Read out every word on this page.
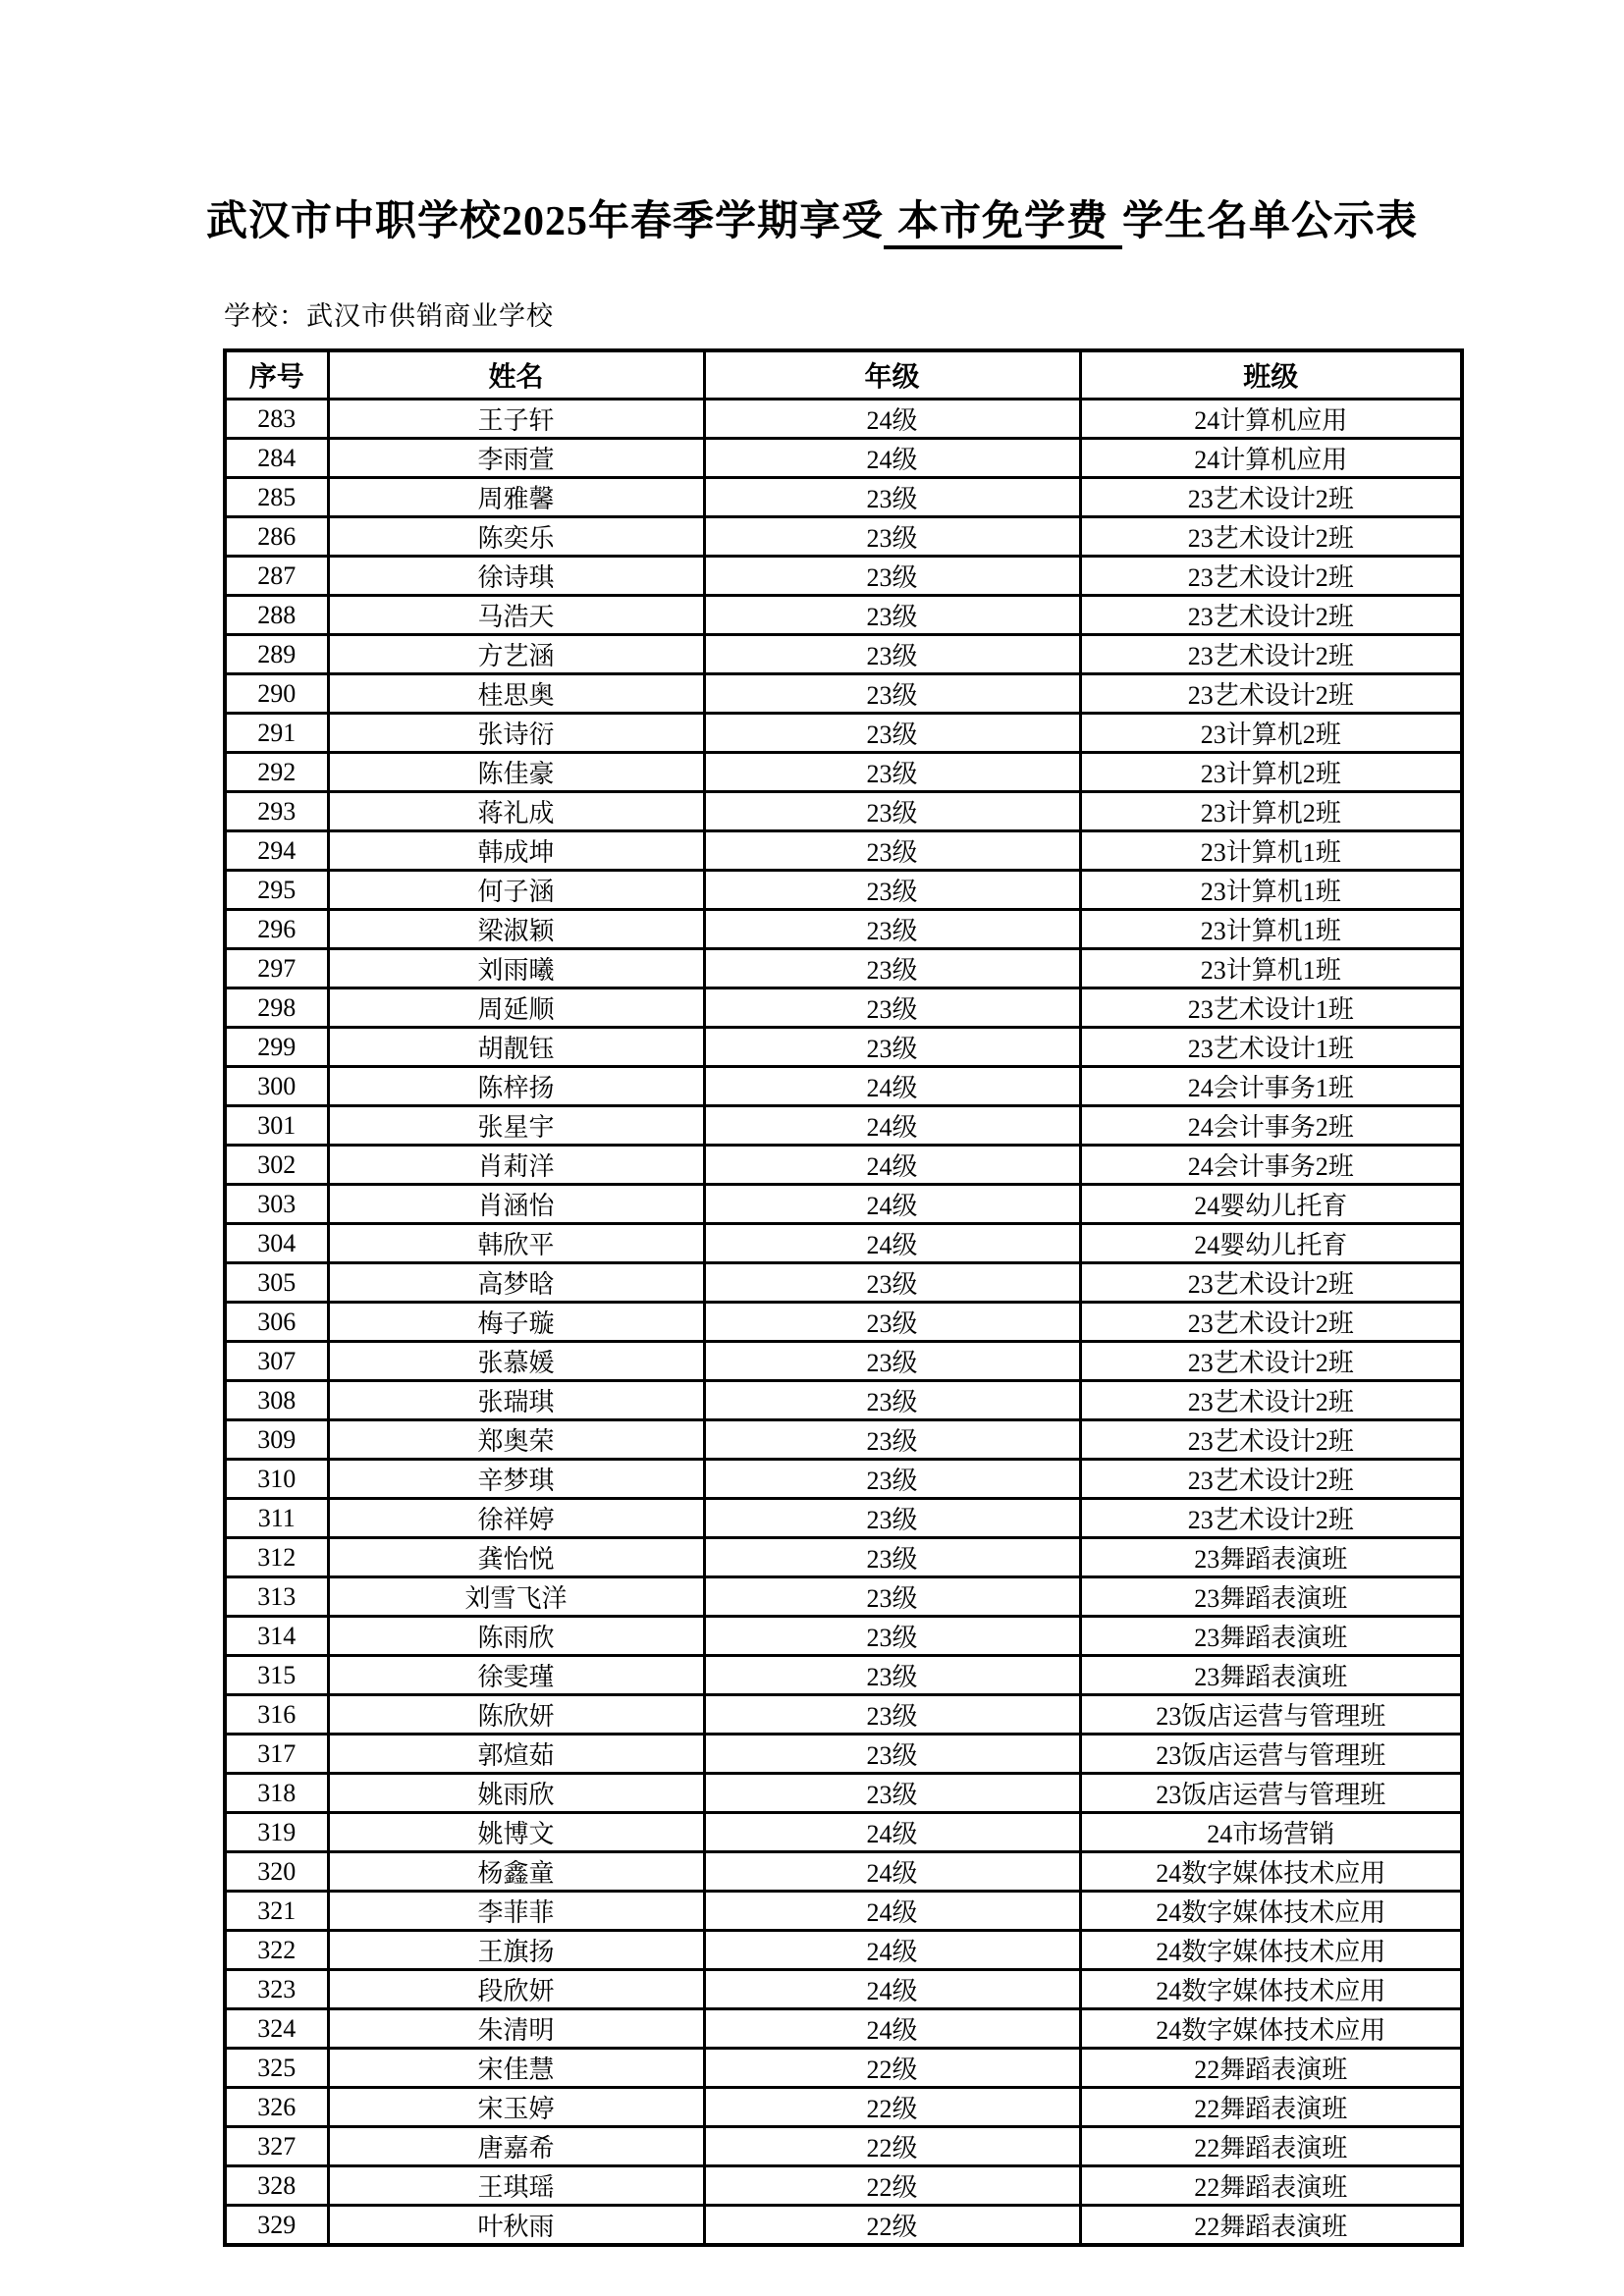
武汉市中职学校2025年春季学期享受 本市免学费 学生名单公示表
学校：武汉市供销商业学校
序号	姓名	年级	班级
283	王子轩	24级	24计算机应用
284	李雨萱	24级	24计算机应用
285	周雅馨	23级	23艺术设计2班
286	陈奕乐	23级	23艺术设计2班
287	徐诗琪	23级	23艺术设计2班
288	马浩天	23级	23艺术设计2班
289	方艺涵	23级	23艺术设计2班
290	桂思奥	23级	23艺术设计2班
291	张诗衍	23级	23计算机2班
292	陈佳豪	23级	23计算机2班
293	蒋礼成	23级	23计算机2班
294	韩成坤	23级	23计算机1班
295	何子涵	23级	23计算机1班
296	梁淑颖	23级	23计算机1班
297	刘雨曦	23级	23计算机1班
298	周延顺	23级	23艺术设计1班
299	胡靓钰	23级	23艺术设计1班
300	陈梓扬	24级	24会计事务1班
301	张星宇	24级	24会计事务2班
302	肖莉洋	24级	24会计事务2班
303	肖涵怡	24级	24婴幼儿托育
304	韩欣平	24级	24婴幼儿托育
305	高梦晗	23级	23艺术设计2班
306	梅子璇	23级	23艺术设计2班
307	张慕媛	23级	23艺术设计2班
308	张瑞琪	23级	23艺术设计2班
309	郑奥荣	23级	23艺术设计2班
310	辛梦琪	23级	23艺术设计2班
311	徐祥婷	23级	23艺术设计2班
312	龚怡悦	23级	23舞蹈表演班
313	刘雪飞洋	23级	23舞蹈表演班
314	陈雨欣	23级	23舞蹈表演班
315	徐雯瑾	23级	23舞蹈表演班
316	陈欣妍	23级	23饭店运营与管理班
317	郭煊茹	23级	23饭店运营与管理班
318	姚雨欣	23级	23饭店运营与管理班
319	姚博文	24级	24市场营销
320	杨鑫童	24级	24数字媒体技术应用
321	李菲菲	24级	24数字媒体技术应用
322	王旗扬	24级	24数字媒体技术应用
323	段欣妍	24级	24数字媒体技术应用
324	朱清明	24级	24数字媒体技术应用
325	宋佳慧	22级	22舞蹈表演班
326	宋玉婷	22级	22舞蹈表演班
327	唐嘉希	22级	22舞蹈表演班
328	王琪瑶	22级	22舞蹈表演班
329	叶秋雨	22级	22舞蹈表演班
